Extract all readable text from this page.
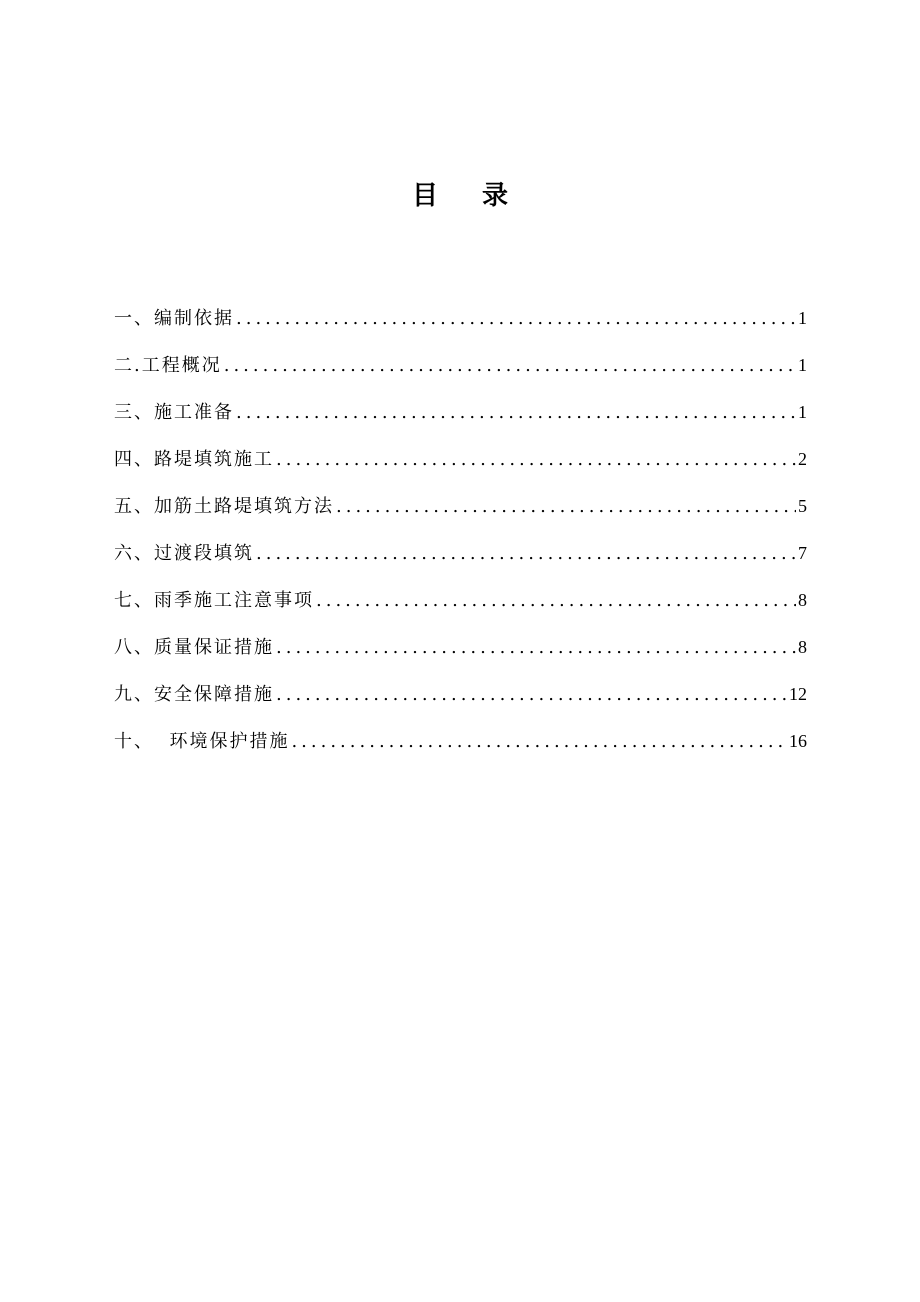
目 录
一、 编制依据 .....	1
二. 工程概况 .....	1
三、 施工准备 .....	1
四、 路堤填筑施工 .....	2
五、 加筋土路堤填筑方法 .....	5
六、 过渡段填筑 .....	7
七、 雨季施工注意事项 .....	8
八、 质量保证措施 .....	8
九、 安全保障措施 .....	12
十、 环境保护措施 .....	16
